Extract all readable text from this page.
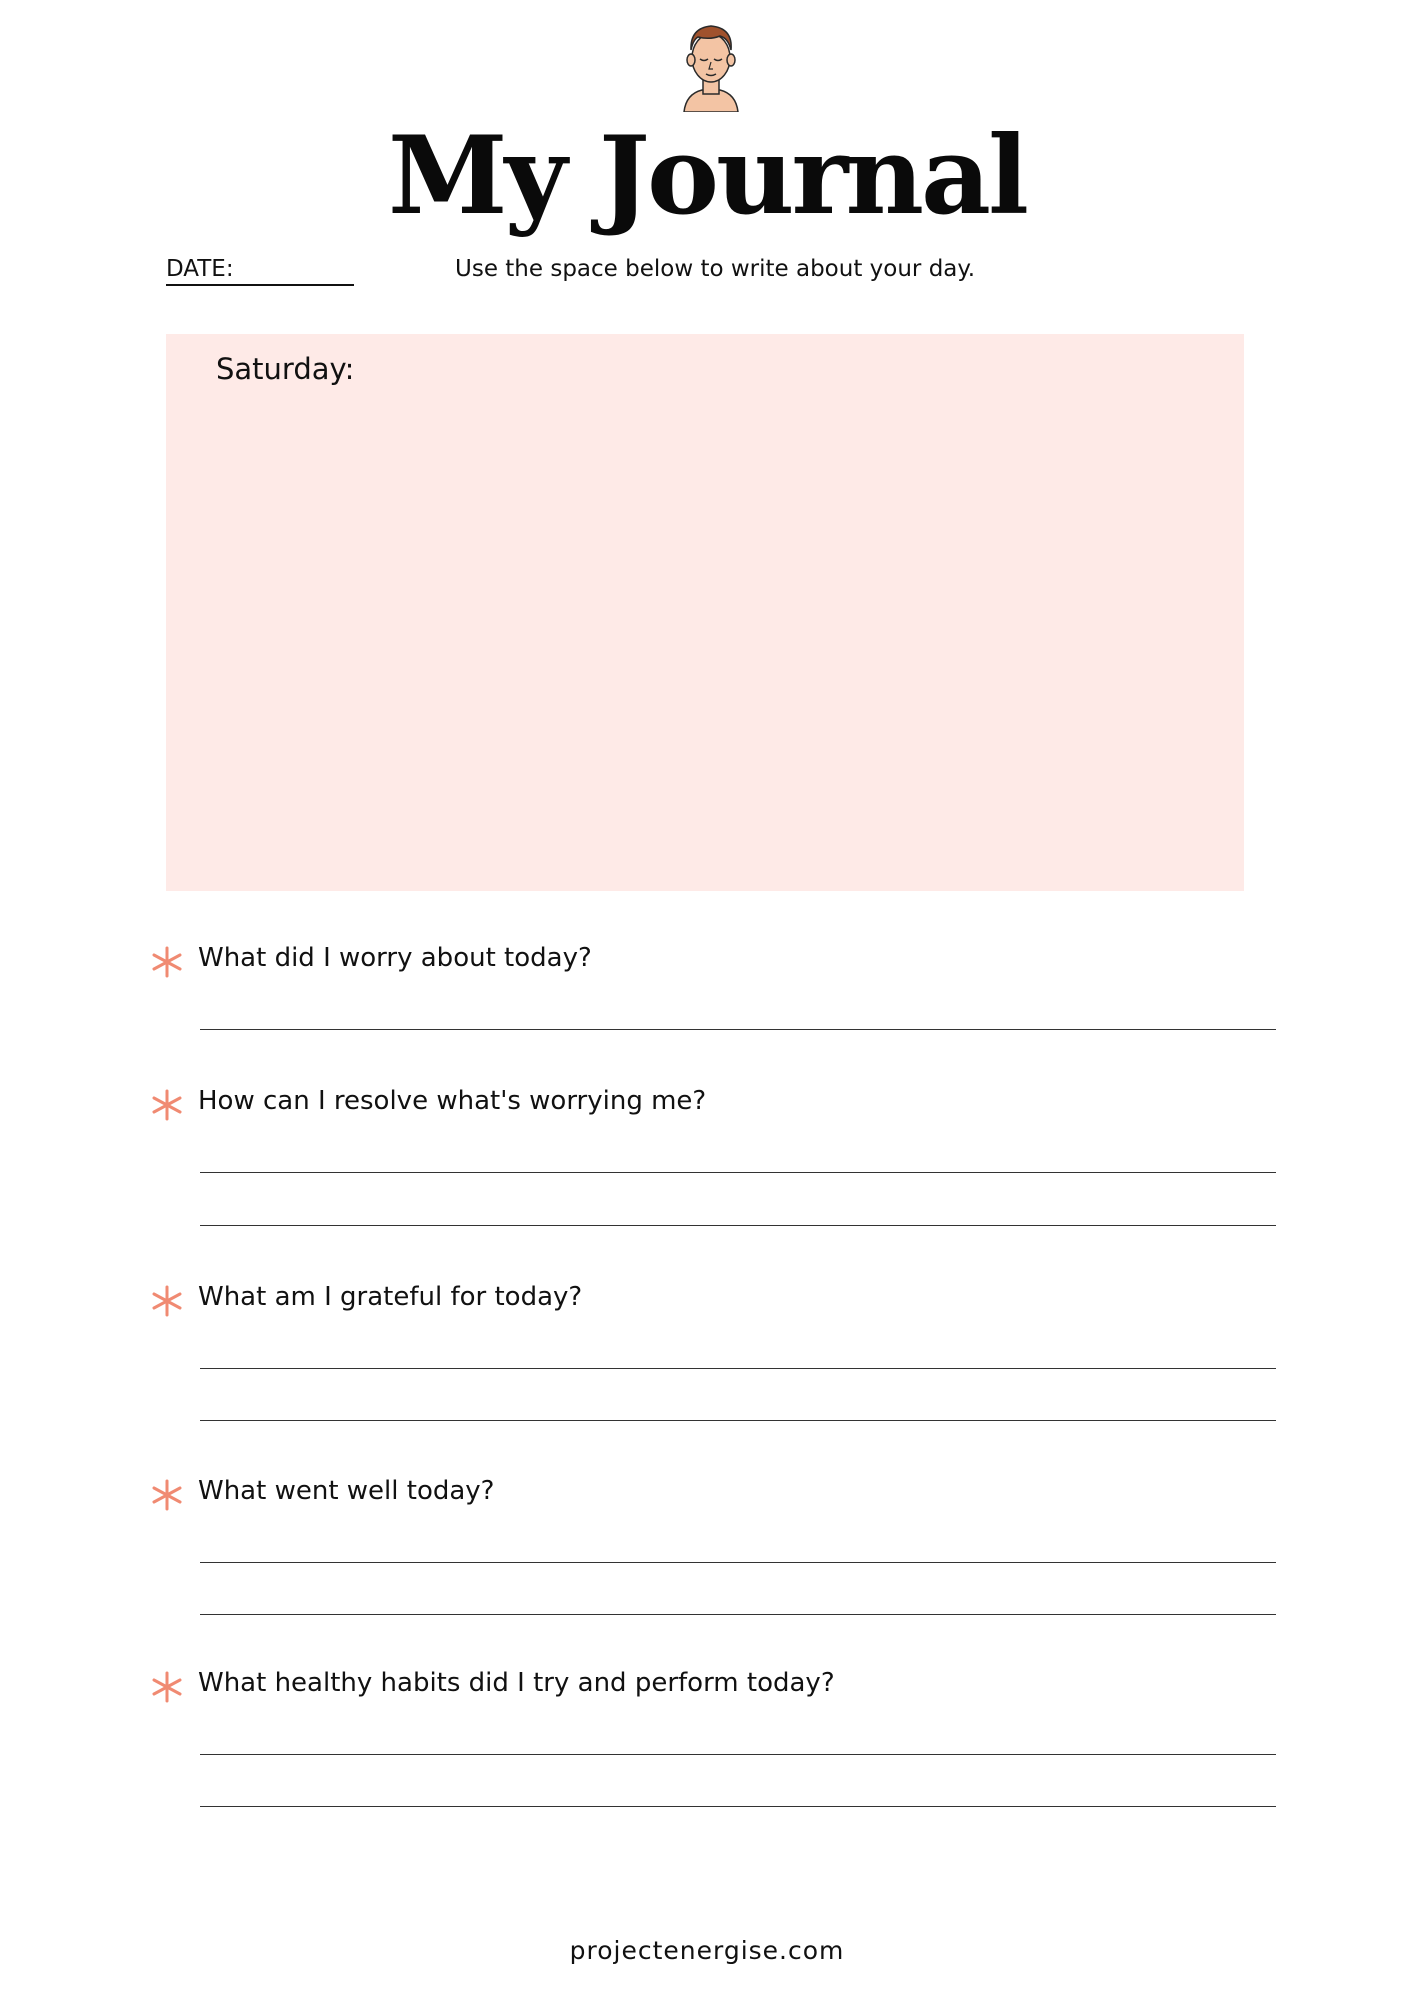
My Journal
DATE:	Use the space below to write about your day.
Saturday:
What did I worry about today?
How can I resolve what's worrying me?
What am I grateful for today?
What went well today?
What healthy habits did I try and perform today?
projectenergise.com
